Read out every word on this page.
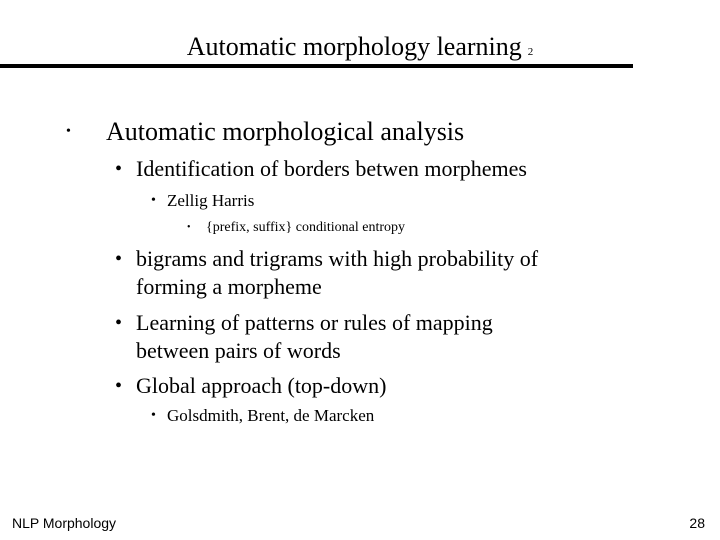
Automatic morphology learning 2
• Automatic morphological analysis
• Identification of borders betwen morphemes
• Zellig Harris
• {prefix, suffix} conditional entropy
• bigrams and trigrams with high probability of
forming a morpheme
• Learning of patterns or rules of mapping
between pairs of words
• Global approach (top-down)
• Golsdmith, Brent, de Marcken
NLP Morphology	28
